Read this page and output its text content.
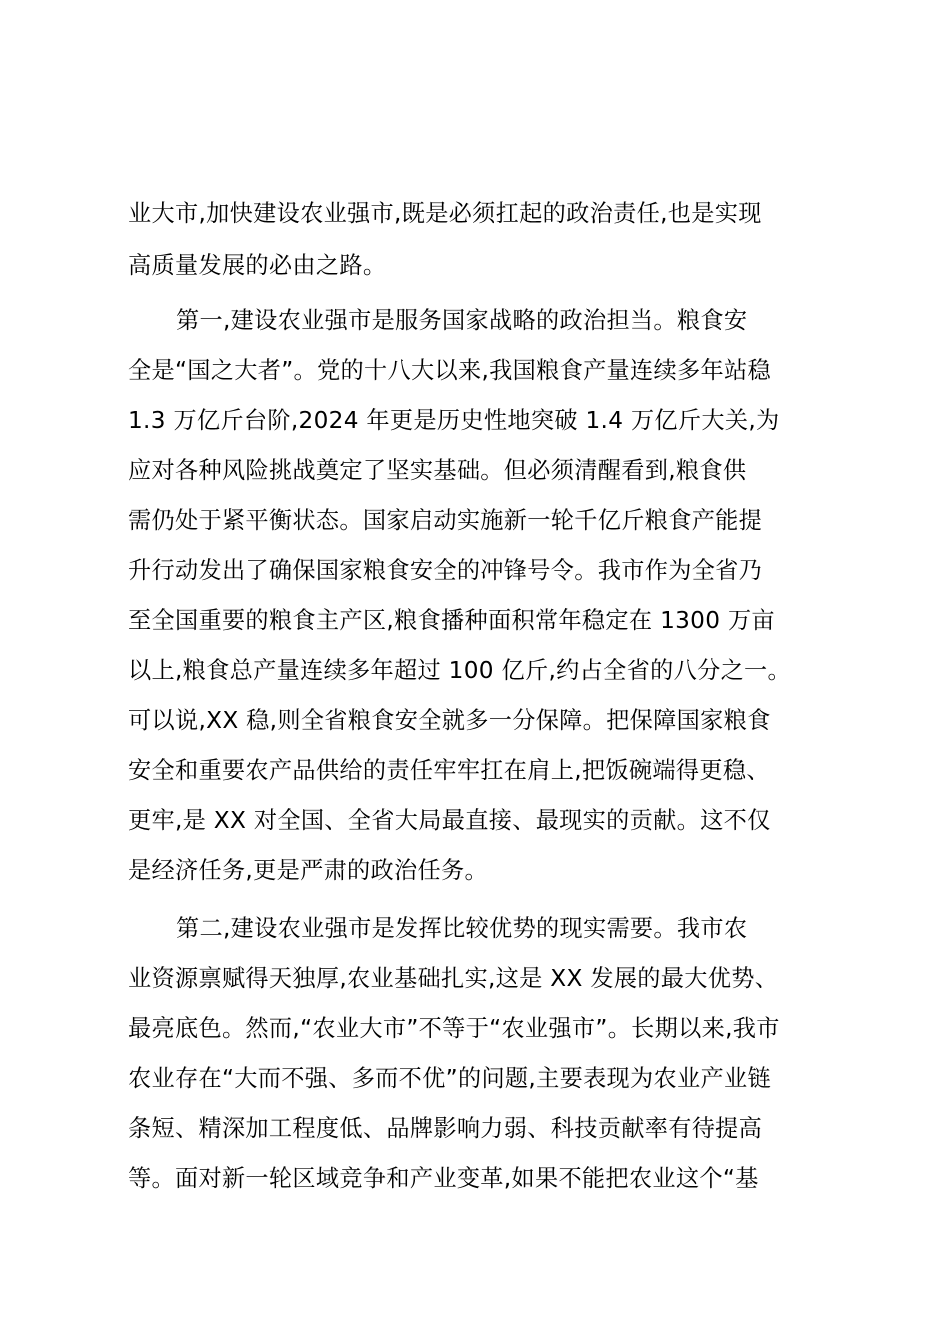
业大市,加快建设农业强市,既是必须扛起的政治责任,也是实现
高质量发展的必由之路。
第一,建设农业强市是服务国家战略的政治担当。粮食安
全是“国之大者”。党的十八大以来,我国粮食产量连续多年站稳
1.3 万亿斤台阶,2024 年更是历史性地突破 1.4 万亿斤大关,为
应对各种风险挑战奠定了坚实基础。但必须清醒看到,粮食供
需仍处于紧平衡状态。国家启动实施新一轮千亿斤粮食产能提
升行动发出了确保国家粮食安全的冲锋号令。我市作为全省乃
至全国重要的粮食主产区,粮食播种面积常年稳定在 1300 万亩
以上,粮食总产量连续多年超过 100 亿斤,约占全省的八分之一。
可以说,XX 稳,则全省粮食安全就多一分保障。把保障国家粮食
安全和重要农产品供给的责任牢牢扛在肩上,把饭碗端得更稳、
更牢,是 XX 对全国、全省大局最直接、最现实的贡献。这不仅
是经济任务,更是严肃的政治任务。
第二,建设农业强市是发挥比较优势的现实需要。我市农
业资源禀赋得天独厚,农业基础扎实,这是 XX 发展的最大优势、
最亮底色。然而,“农业大市”不等于“农业强市”。长期以来,我市
农业存在“大而不强、多而不优”的问题,主要表现为农业产业链
条短、精深加工程度低、品牌影响力弱、科技贡献率有待提高
等。面对新一轮区域竞争和产业变革,如果不能把农业这个“基
